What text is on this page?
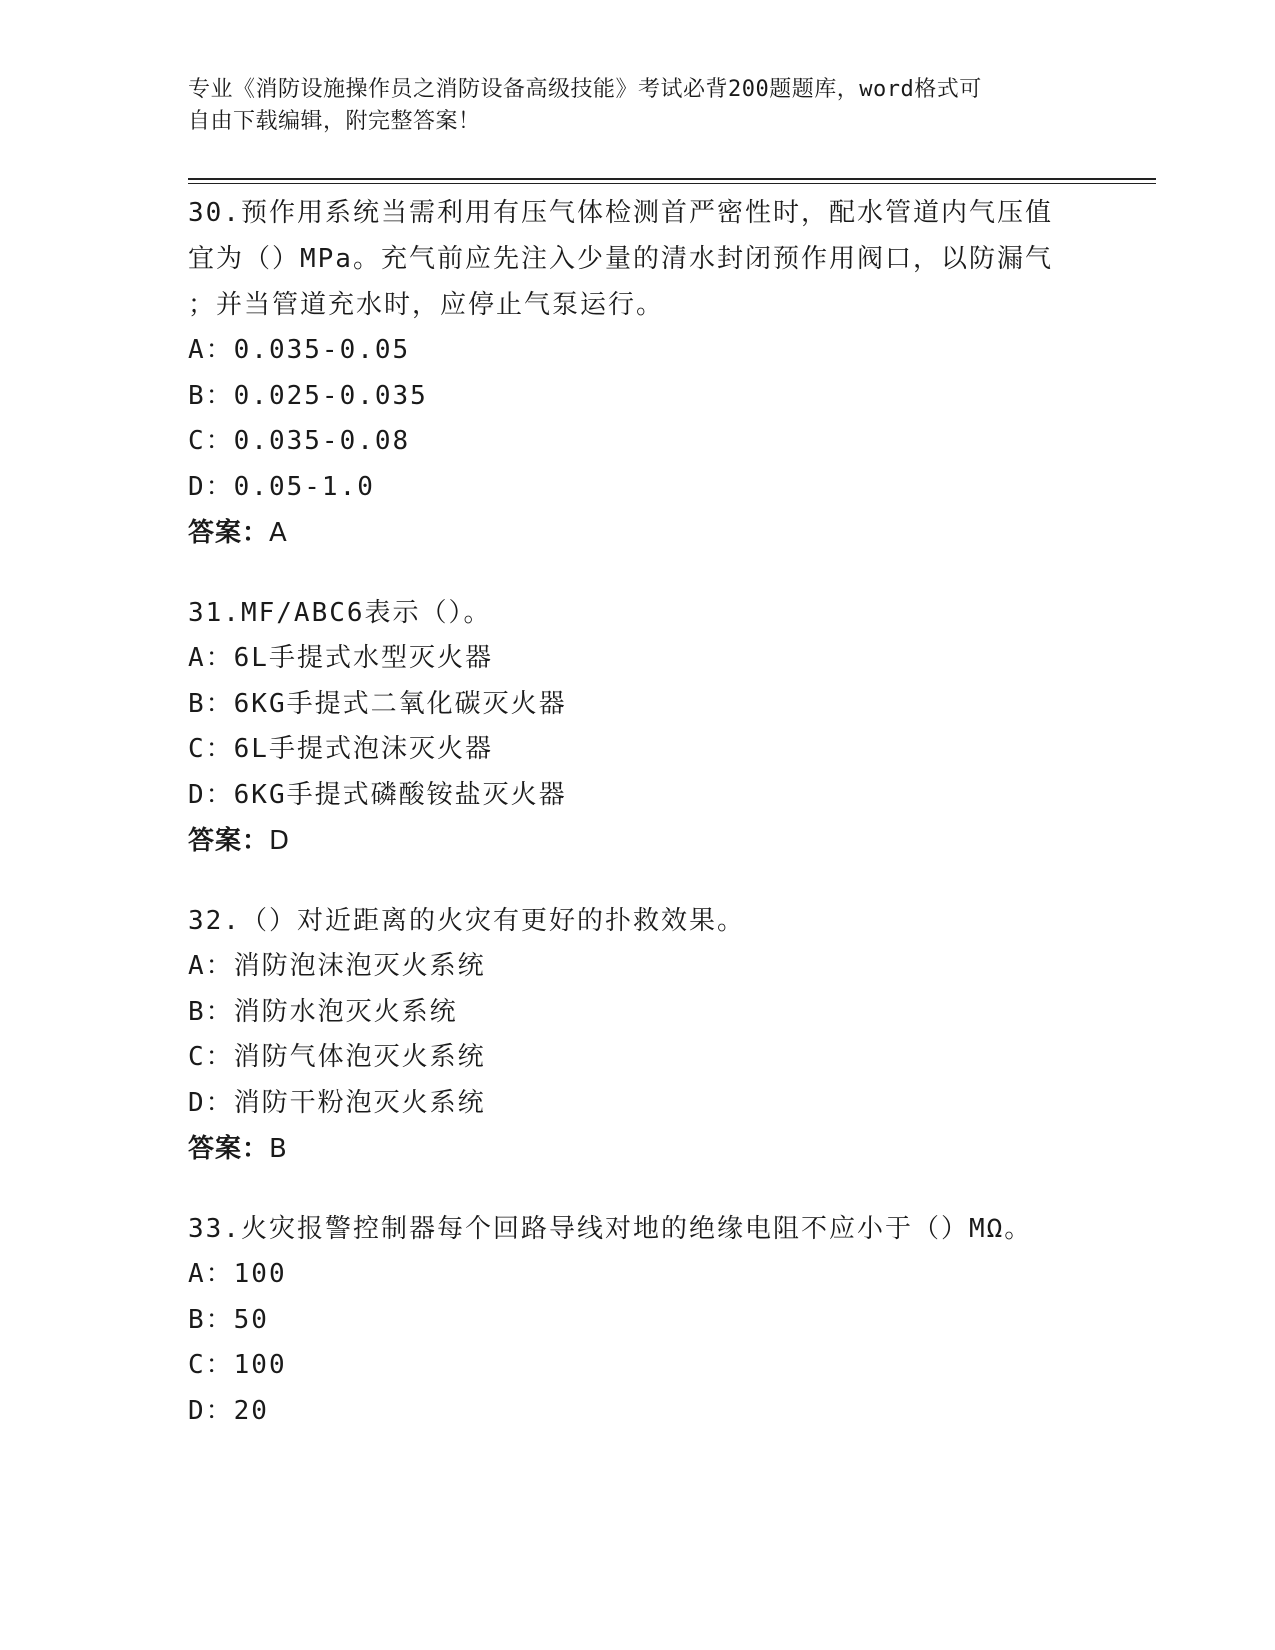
专业《消防设施操作员之消防设备高级技能》考试必背200题题库，word格式可
自由下载编辑，附完整答案！
30.预作用系统当需利用有压气体检测首严密性时，配水管道内气压值
宜为（）MPa。充气前应先注入少量的清水封闭预作用阀口，以防漏气
；并当管道充水时，应停止气泵运行。
A：0.035-0.05
B：0.025-0.035
C：0.035-0.08
D：0.05-1.0
答案：A
31.MF/ABC6表示（）。
A：6L手提式水型灭火器
B：6KG手提式二氧化碳灭火器
C：6L手提式泡沫灭火器
D：6KG手提式磷酸铵盐灭火器
答案：D
32.（）对近距离的火灾有更好的扑救效果。
A：消防泡沫泡灭火系统
B：消防水泡灭火系统
C：消防气体泡灭火系统
D：消防干粉泡灭火系统
答案：B
33.火灾报警控制器每个回路导线对地的绝缘电阻不应小于（）MΩ。
A：100
B：50
C：100
D：20
